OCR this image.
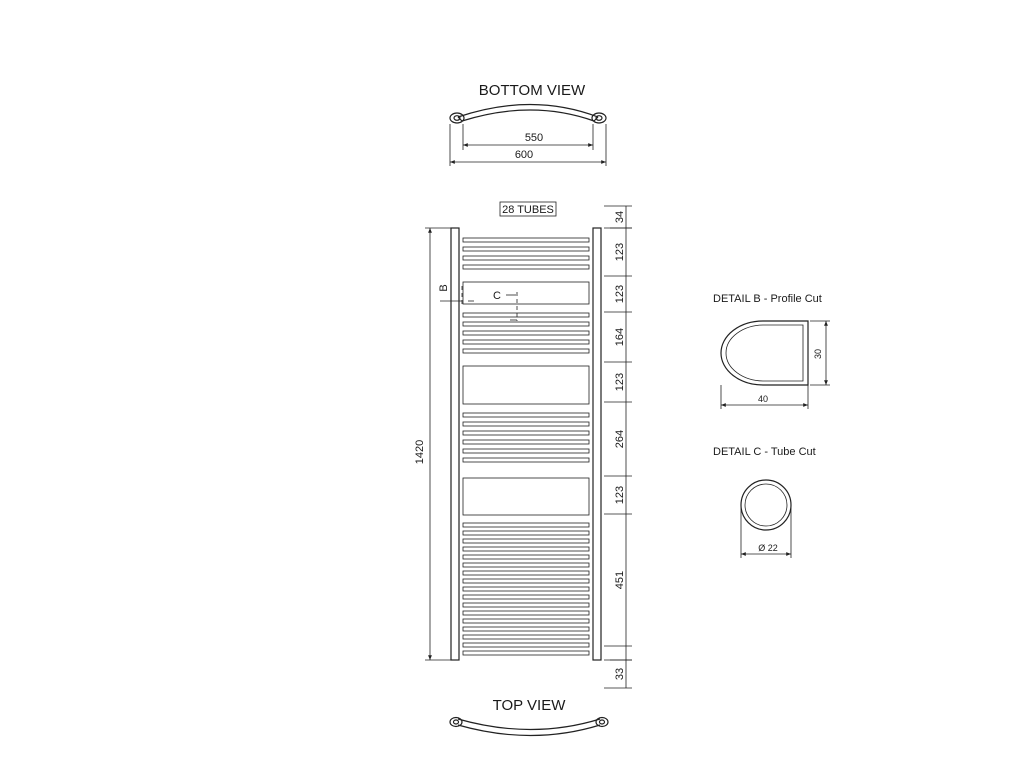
BOTTOM VIEW
550
600
28 TUBES
B
C
1420
34
123
123
164
123
264
123
451
33
TOP VIEW
DETAIL B - Profile Cut
30
40
DETAIL C - Tube Cut
Ø 22
